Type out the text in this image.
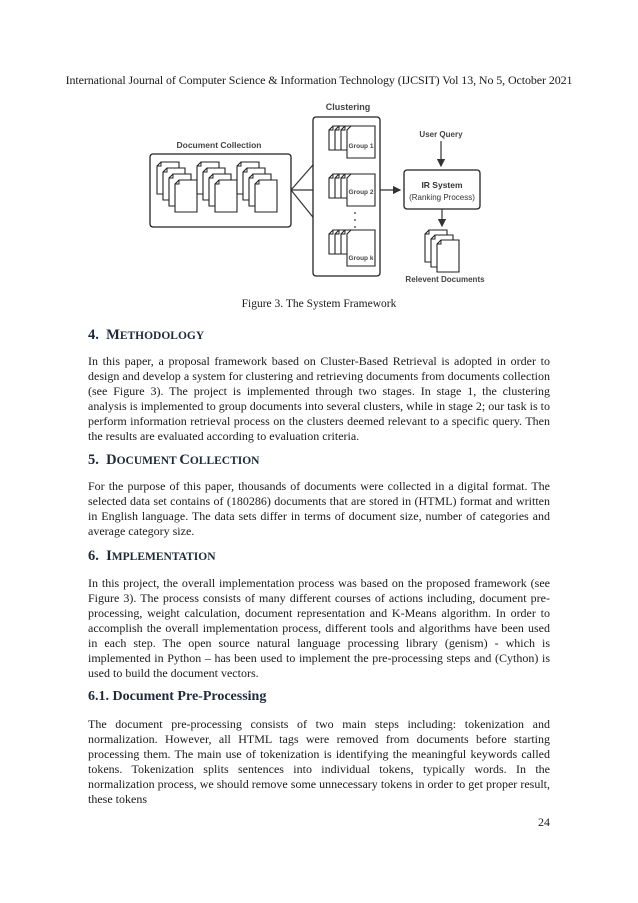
International Journal of Computer Science & Information Technology (IJCSIT) Vol 13, No 5, October 2021
Clustering
Document Collection	Group 1
Group 2
Group k
User Query
IR System
(Ranking Process)
Relevent Documents
Figure 3. The System Framework
4. METHODOLOGY

In this paper, a proposal framework based on Cluster-Based Retrieval is adopted in order to design and develop a system for clustering and retrieving documents from documents collection (see Figure 3). The project is implemented through two stages. In stage 1, the clustering analysis is implemented to group documents into several clusters, while in stage 2; our task is to perform information retrieval process on the clusters deemed relevant to a specific query. Then the results are evaluated according to evaluation criteria.

5. DOCUMENT COLLECTION

For the purpose of this paper, thousands of documents were collected in a digital format. The selected data set contains of (180286) documents that are stored in (HTML) format and written in English language. The data sets differ in terms of document size, number of categories and average category size.

6. IMPLEMENTATION

In this project, the overall implementation process was based on the proposed framework (see Figure 3). The process consists of many different courses of actions including, document pre-processing, weight calculation, document representation and K-Means algorithm. In order to accomplish the overall implementation process, different tools and algorithms have been used in each step. The open source natural language processing library (genism) - which is implemented in Python – has been used to implement the pre-processing steps and (Cython) is used to build the document vectors.

6.1. Document Pre-Processing

The document pre-processing consists of two main steps including: tokenization and normalization. However, all HTML tags were removed from documents before starting processing them. The main use of tokenization is identifying the meaningful keywords called tokens. Tokenization splits sentences into individual tokens, typically words. In the normalization process, we should remove some unnecessary tokens in order to get proper result, these tokens

24
